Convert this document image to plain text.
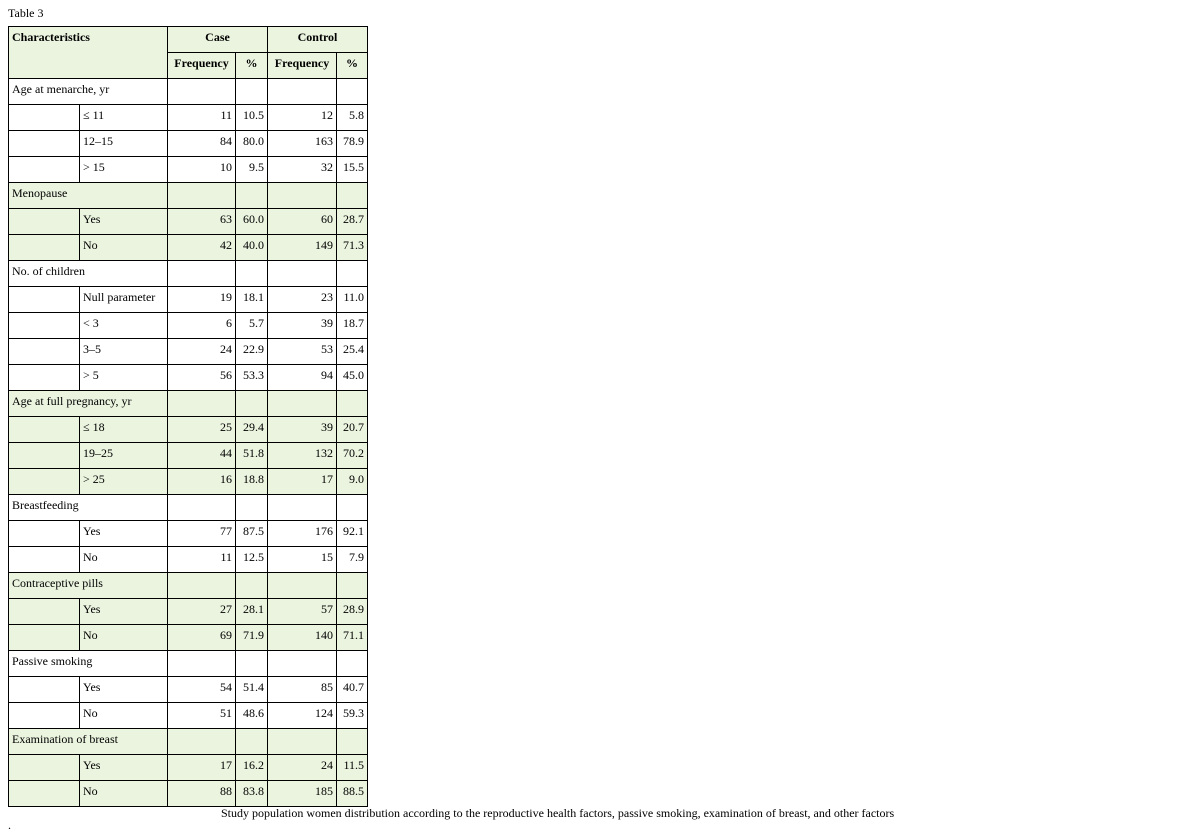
Table 3
Characteristics		Case		Control	
		Frequency	%	Frequency	%
Age at menarche, yr					
	≤ 11	11	10.5	12	5.8
	12–15	84	80.0	163	78.9
	> 15	10	9.5	32	15.5
Menopause					
	Yes	63	60.0	60	28.7
	No	42	40.0	149	71.3
No. of children					
	Null parameter	19	18.1	23	11.0
	< 3	6	5.7	39	18.7
	3–5	24	22.9	53	25.4
	> 5	56	53.3	94	45.0
Age at full pregnancy, yr					
	≤ 18	25	29.4	39	20.7
	19–25	44	51.8	132	70.2
	> 25	16	18.8	17	9.0
Breastfeeding					
	Yes	77	87.5	176	92.1
	No	11	12.5	15	7.9
Contraceptive pills					
	Yes	27	28.1	57	28.9
	No	69	71.9	140	71.1
Passive smoking					
	Yes	54	51.4	85	40.7
	No	51	48.6	124	59.3
Examination of breast					
	Yes	17	16.2	24	11.5
	No	88	83.8	185	88.5
Study population women distribution according to the reproductive health factors, passive smoking, examination of breast, and other factors
.
